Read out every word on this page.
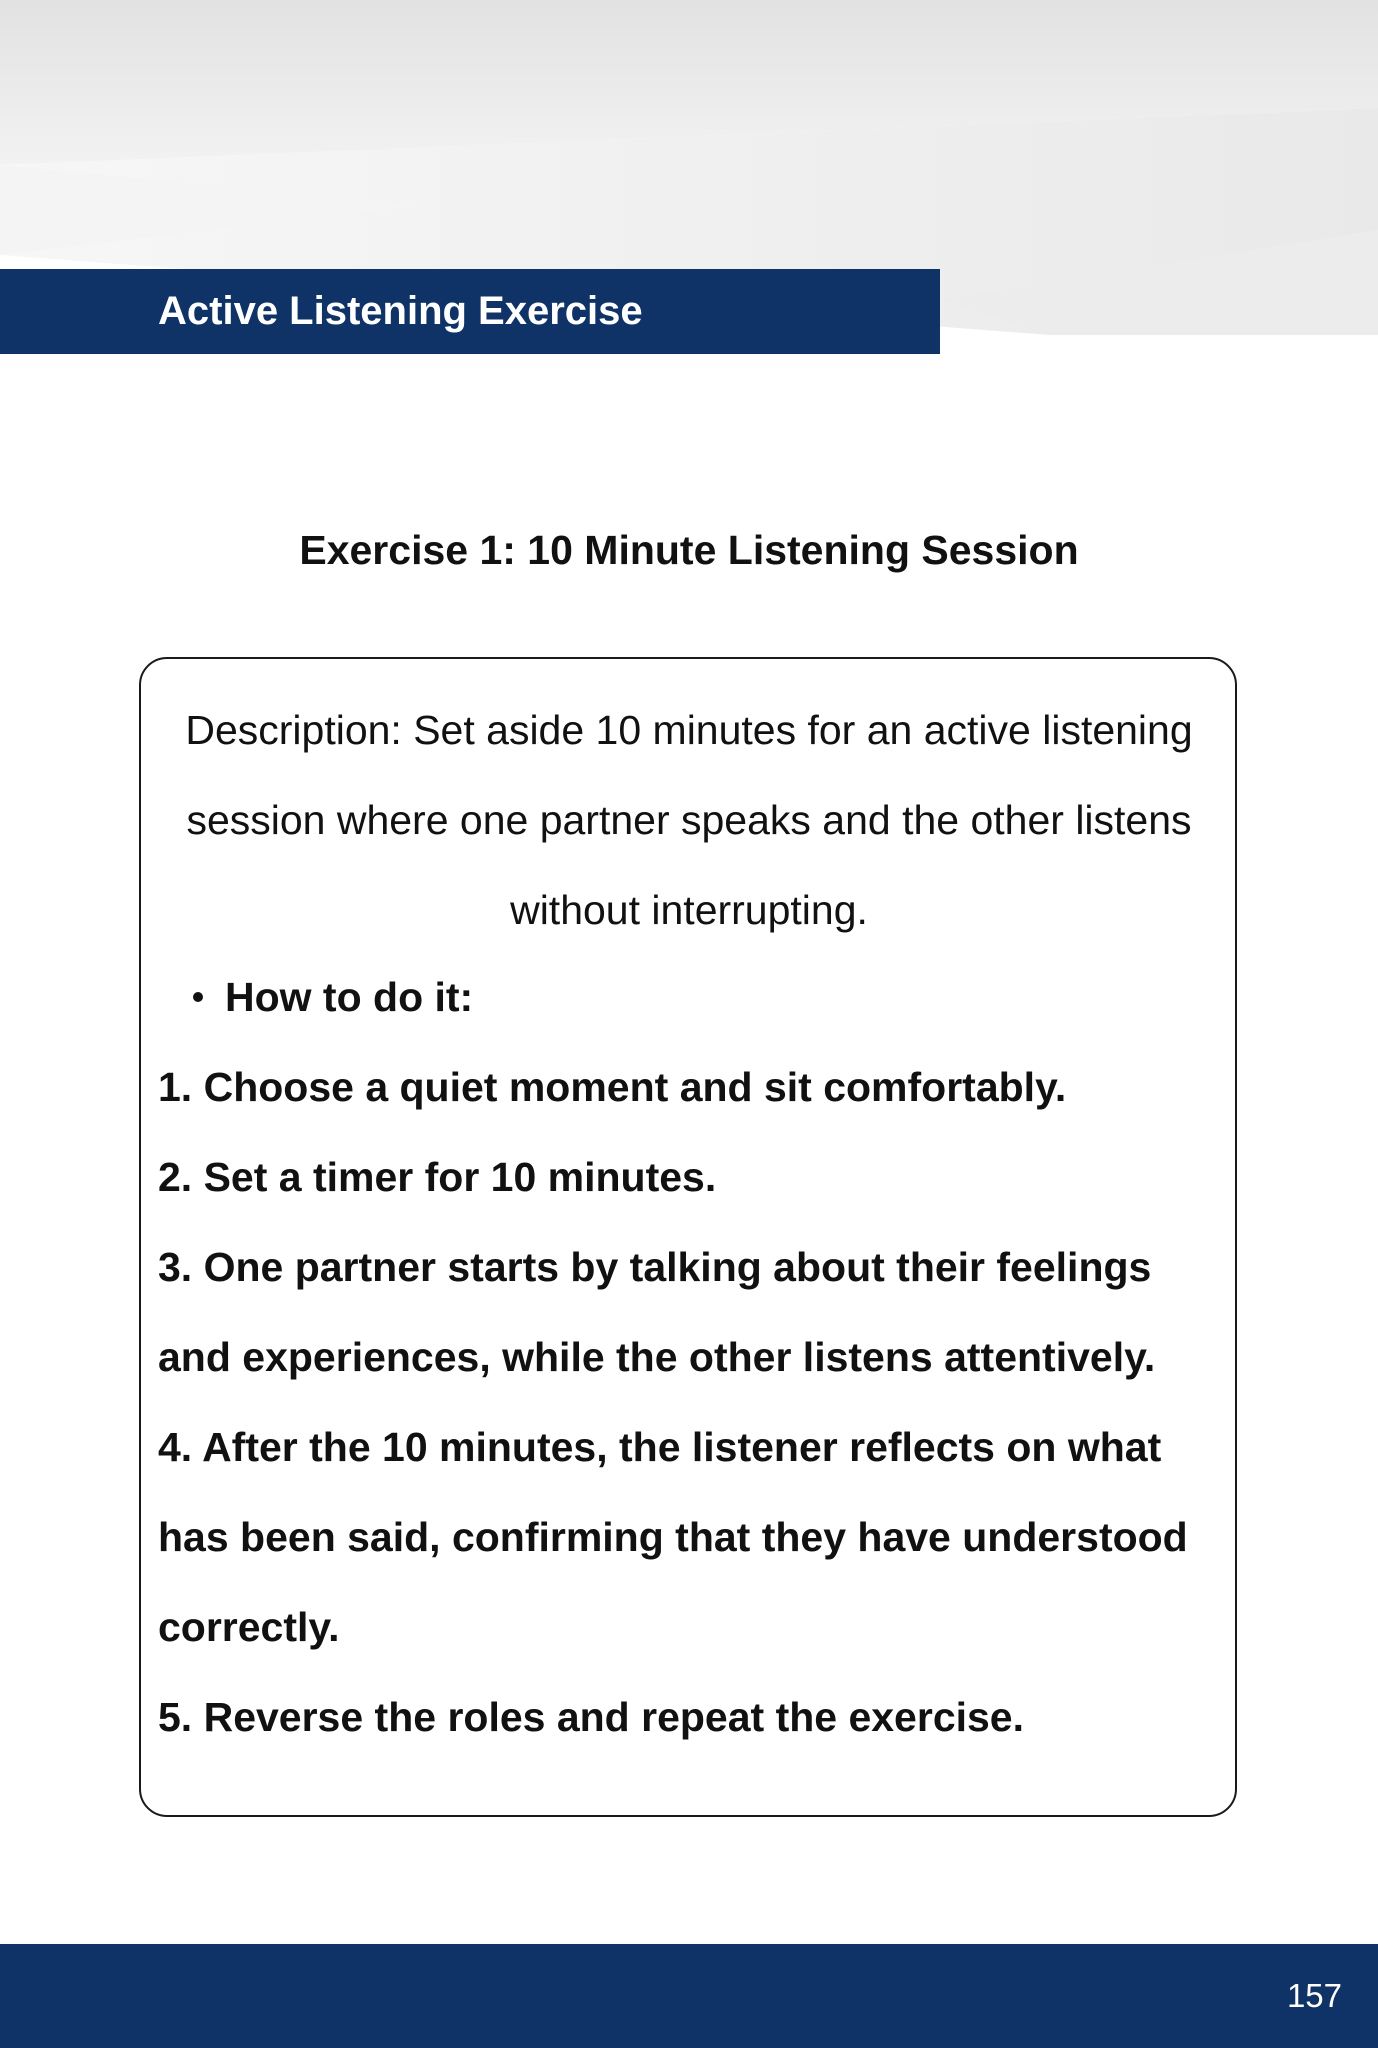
Active Listening Exercise
Exercise 1: 10 Minute Listening Session
Description: Set aside 10 minutes for an active listening session where one partner speaks and the other listens without interrupting.
How to do it:
1. Choose a quiet moment and sit comfortably.
2. Set a timer for 10 minutes.
3. One partner starts by talking about their feelings and experiences, while the other listens attentively.
4. After the 10 minutes, the listener reflects on what has been said, confirming that they have understood correctly.
5. Reverse the roles and repeat the exercise.
157
